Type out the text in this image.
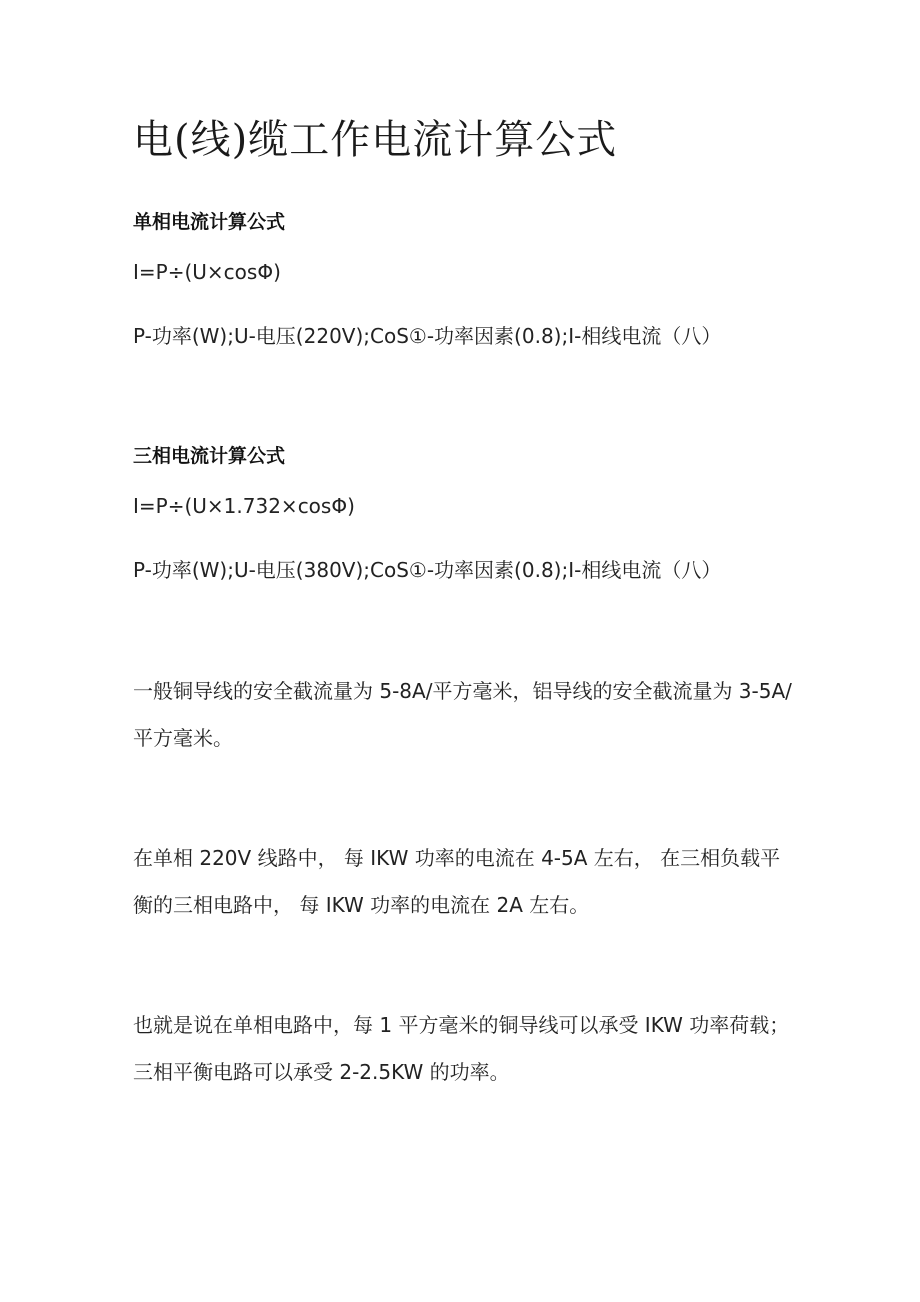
电(线)缆工作电流计算公式
单相电流计算公式
I=P÷(U×cosΦ)
P-功率(W);U-电压(220V);CoS①-功率因素(0.8);I-相线电流（八）
三相电流计算公式
I=P÷(U×1.732×cosΦ)
P-功率(W);U-电压(380V);CoS①-功率因素(0.8);I-相线电流（八）
一般铜导线的安全截流量为 5-8A/平方毫米，铝导线的安全截流量为 3-5A/
平方毫米。
在单相 220V 线路中， 每 IKW 功率的电流在 4-5A 左右， 在三相负载平
衡的三相电路中， 每 IKW 功率的电流在 2A 左右。
也就是说在单相电路中，每 1 平方毫米的铜导线可以承受 IKW 功率荷载；
三相平衡电路可以承受 2-2.5KW 的功率。
